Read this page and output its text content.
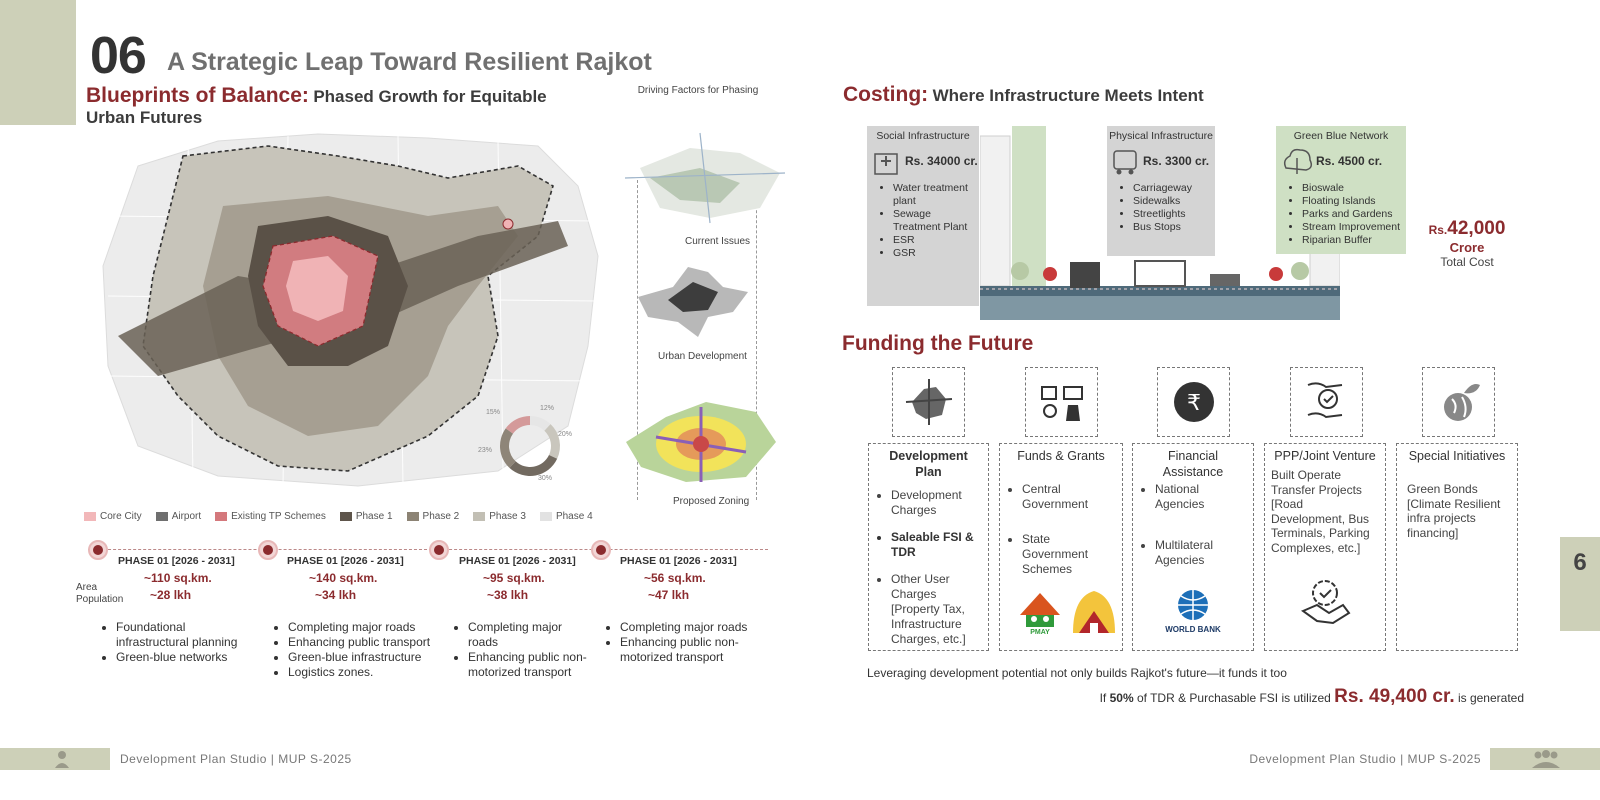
6
06 A Strategic Leap Toward Resilient Rajkot
Blueprints of Balance: Phased Growth for Equitable
Urban Futures
12%
20%
30%
23%
15%
Driving Factors for Phasing
Current Issues
Urban Development
Proposed Zoning
Core City	Airport	Existing TP Schemes	Phase 1	Phase 2	Phase 3	Phase 4
Area
Population
PHASE 01 [2026 - 2031]
~110 sq.km.
~28 lkh
• Foundational infrastructural planning
• Green-blue networks
PHASE 01 [2026 - 2031]
~140 sq.km.
~34 lkh
• Completing major roads
• Enhancing public transport
• Green-blue infrastructure
• Logistics zones.
PHASE 01 [2026 - 2031]
~95 sq.km.
~38 lkh
• Completing major roads
• Enhancing public non-motorized transport
PHASE 01 [2026 - 2031]
~56 sq.km.
~47 lkh
• Completing major roads
• Enhancing public non-motorized transport
Costing: Where Infrastructure Meets Intent
Social Infrastructure
Rs. 34000 cr.
• Water treatment plant
• Sewage Treatment Plant
• ESR
• GSR
Physical Infrastructure
Rs. 3300 cr.
• Carriageway
• Sidewalks
• Streetlights
• Bus Stops
Green Blue Network
Rs. 4500 cr.
• Bioswale
• Floating Islands
• Parks and Gardens
• Stream Improvement
• Riparian Buffer
Rs.42,000
Crore
Total Cost
Funding the Future
₹
Development Plan
• Development Charges
• Saleable FSI & TDR
• Other User Charges [Property Tax, Infrastructure Charges, etc.]
Funds & Grants
• Central Government
• State Government Schemes
PMAY
Financial Assistance
• National Agencies
• Multilateral Agencies
WORLD BANK
PPP/Joint Venture
Built Operate Transfer Projects [Road Development, Bus Terminals, Parking Complexes, etc.]
Special Initiatives
Green Bonds [Climate Resilient infra projects financing]
Leveraging development potential not only builds Rajkot's future—it funds it too
If 50% of TDR & Purchasable FSI is utilized Rs. 49,400 cr. is generated
Development Plan Studio | MUP S-2025	Development Plan Studio | MUP S-2025
